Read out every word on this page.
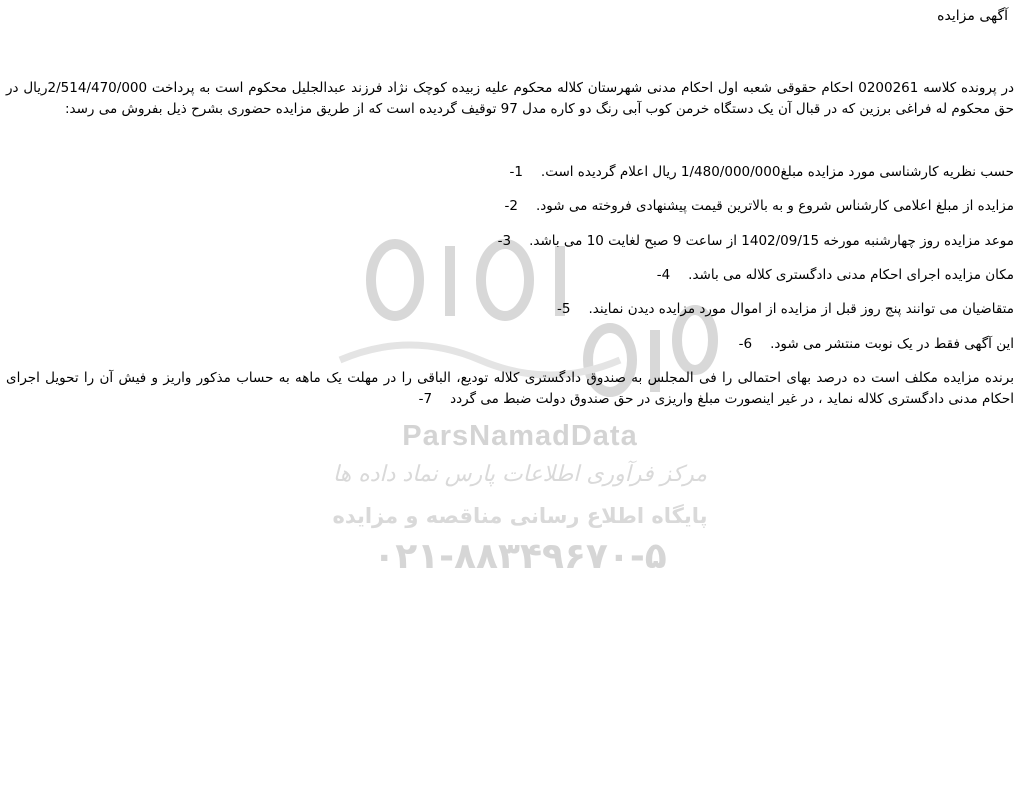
ParsNamadData
مرکز فرآوری اطلاعات پارس نماد داده ها
پایگاه اطلاع رسانی مناقصه و مزایده
۰۲۱-۸۸۳۴۹۶۷۰-۵
آگهی مزایده
در پرونده کلاسه 0200261 احکام حقوقی شعبه اول احکام مدنی شهرستان کلاله محکوم علیه زبیده کوچک نژاد فرزند عبدالجلیل محکوم است به پرداخت 2/514/470/000ریال در حق محکوم له فراغی برزین که در قبال آن یک دستگاه خرمن کوب آبی رنگ دو کاره مدل 97 توقیف گردیده است که از طریق مزایده حضوری بشرح ذیل بفروش می رسد:
حسب نظریه کارشناسی مورد مزایده مبلغ1/480/000/000 ریال اعلام گردیده است.1-
مزایده از مبلغ اعلامی کارشناس شروع و به بالاترین قیمت پیشنهادی فروخته می شود.2-
موعد مزایده روز چهارشنبه مورخه 1402/09/15 از ساعت 9 صبح لغایت 10 می باشد.3-
مکان مزایده اجرای احکام مدنی دادگستری کلاله می باشد.4-
متقاضیان می توانند پنج روز قبل از مزایده از اموال مورد مزایده دیدن نمایند.5-
این آگهی فقط در یک نوبت منتشر می شود.6-
برنده مزایده مکلف است ده درصد بهای احتمالی را فی المجلس به صندوق دادگستری کلاله تودیع، الباقی را در مهلت یک ماهه به حساب مذکور واریز و فیش آن را تحویل اجرای احکام مدنی دادگستری کلاله نماید ، در غیر اینصورت مبلغ واریزی در حق صندوق دولت ضبط می گردد7-
